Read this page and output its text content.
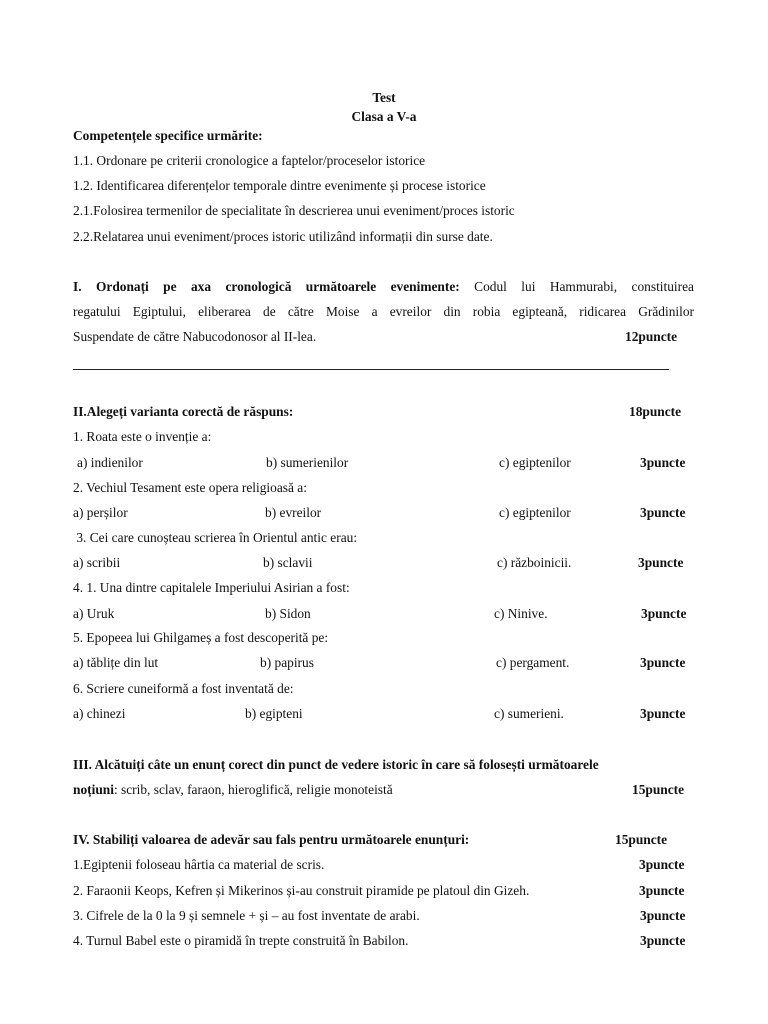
Test
Clasa a V-a
Competențele specifice urmărite:
1.1. Ordonare pe criterii cronologice a faptelor/proceselor istorice
1.2. Identificarea diferențelor temporale dintre evenimente și procese istorice
2.1.Folosirea termenilor de specialitate în descrierea unui eveniment/proces istoric
2.2.Relatarea unui eveniment/proces istoric utilizând informații din surse date.
I. Ordonați pe axa cronologică următoarele evenimente: Codul lui Hammurabi, constituirea
regatului Egiptului, eliberarea de către Moise a evreilor din robia egipteană, ridicarea Grădinilor
Suspendate de către Nabucodonosor al II-lea.	12puncte
II.Alegeți varianta corectă de răspuns:	18puncte
1. Roata este o invenție a:
a) indienilor	b) sumerienilor	c) egiptenilor	3puncte
2. Vechiul Tesament este opera religioasă a:
a) perșilor	b) evreilor	c) egiptenilor	3puncte
3. Cei care cunoșteau scrierea în Orientul antic erau:
a) scribii	b) sclavii	c) războinicii.	3puncte
4. 1. Una dintre capitalele Imperiului Asirian a fost:
a) Uruk	b) Sidon	c) Ninive.	3puncte
5. Epopeea lui Ghilgameș a fost descoperită pe:
a) tăblițe din lut	b) papirus	c) pergament.	3puncte
6. Scriere cuneiformă a fost inventată de:
a) chinezi	b) egipteni	c) sumerieni.	3puncte
III. Alcătuiți câte un enunț corect din punct de vedere istoric în care să folosești următoarele
noțiuni: scrib, sclav, faraon, hieroglifică, religie monoteistă	15puncte
IV. Stabiliți valoarea de adevăr sau fals pentru următoarele enunțuri:	15puncte
1.Egiptenii foloseau hârtia ca material de scris.	3puncte
2. Faraonii Keops, Kefren și Mikerinos și-au construit piramide pe platoul din Gizeh.	3puncte
3. Cifrele de la 0 la 9 și semnele + și – au fost inventate de arabi.	3puncte
4. Turnul Babel este o piramidă în trepte construită în Babilon.	3puncte
